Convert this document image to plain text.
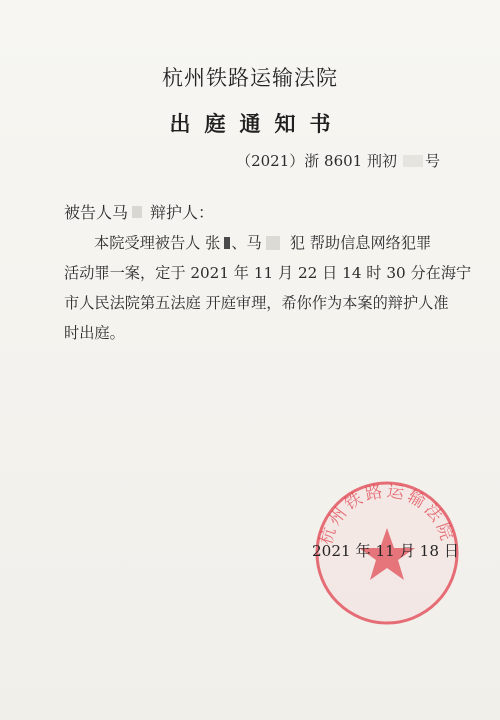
杭州铁路运输法院
出庭通知书
（2021）浙 8601 刑初 号
被告人马 辩护人：
本院受理被告人 张 、马 犯 帮助信息网络犯罪
活动罪 一案，定于 2021 年 11 月 22 日 14 时 30 分在海宁
市人民法院第五法庭 开庭审理，希你作为本案的辩护人准
时出庭。
杭州铁路运输法院
2021 年 11 月 18 日
